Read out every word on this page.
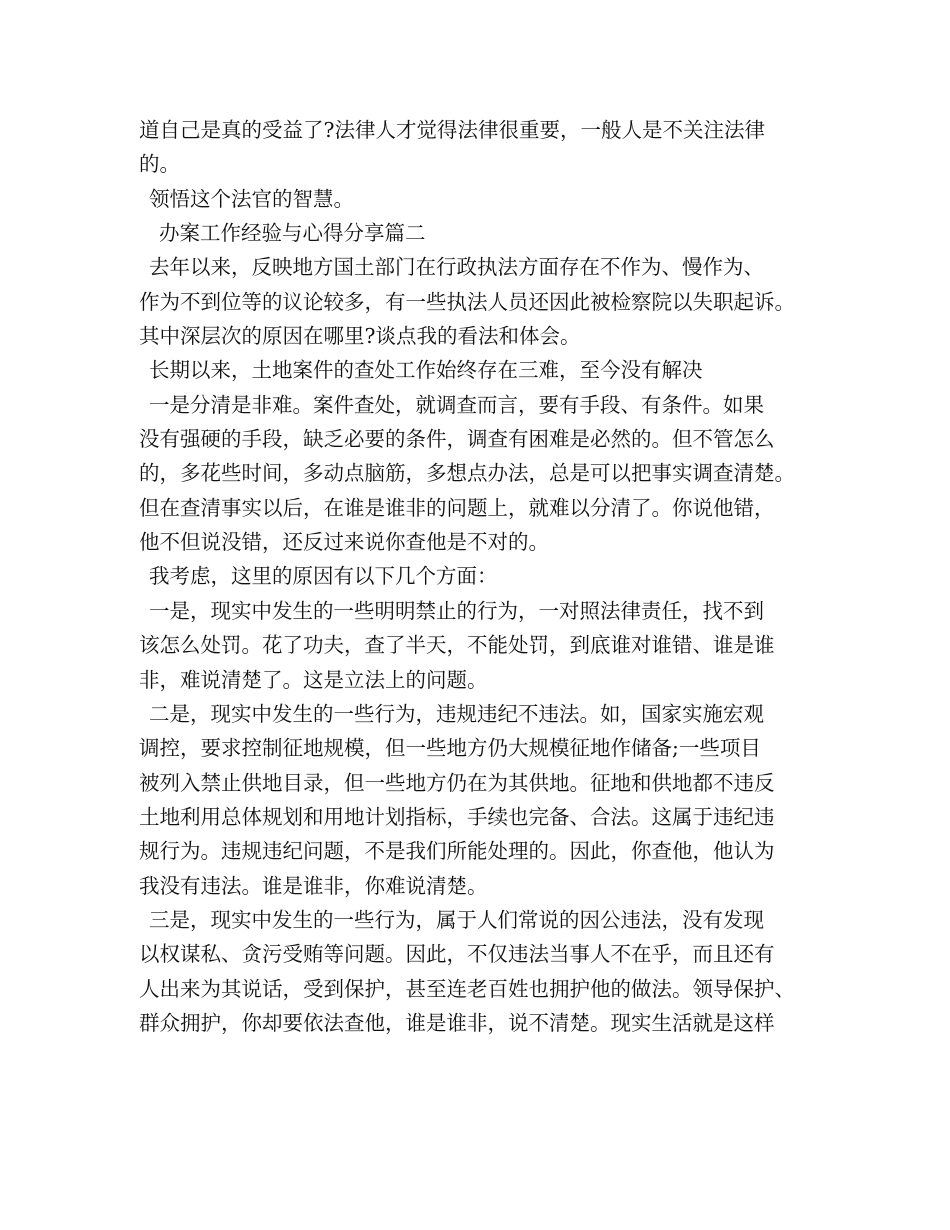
道自己是真的受益了?法律人才觉得法律很重要，一般人是不关注法律
的。
领悟这个法官的智慧。
办案工作经验与心得分享篇二
去年以来，反映地方国土部门在行政执法方面存在不作为、慢作为、
作为不到位等的议论较多，有一些执法人员还因此被检察院以失职起诉。
其中深层次的原因在哪里?谈点我的看法和体会。
长期以来，土地案件的查处工作始终存在三难，至今没有解决
一是分清是非难。案件查处，就调查而言，要有手段、有条件。如果
没有强硬的手段，缺乏必要的条件，调查有困难是必然的。但不管怎么
的，多花些时间，多动点脑筋，多想点办法，总是可以把事实调查清楚。
但在查清事实以后，在谁是谁非的问题上，就难以分清了。你说他错，
他不但说没错，还反过来说你查他是不对的。
我考虑，这里的原因有以下几个方面：
一是，现实中发生的一些明明禁止的行为，一对照法律责任，找不到
该怎么处罚。花了功夫，查了半天，不能处罚，到底谁对谁错、谁是谁
非，难说清楚了。这是立法上的问题。
二是，现实中发生的一些行为，违规违纪不违法。如，国家实施宏观
调控，要求控制征地规模，但一些地方仍大规模征地作储备;一些项目
被列入禁止供地目录，但一些地方仍在为其供地。征地和供地都不违反
土地利用总体规划和用地计划指标，手续也完备、合法。这属于违纪违
规行为。违规违纪问题，不是我们所能处理的。因此，你查他，他认为
我没有违法。谁是谁非，你难说清楚。
三是，现实中发生的一些行为，属于人们常说的因公违法，没有发现
以权谋私、贪污受贿等问题。因此，不仅违法当事人不在乎，而且还有
人出来为其说话，受到保护，甚至连老百姓也拥护他的做法。领导保护、
群众拥护，你却要依法查他，谁是谁非，说不清楚。现实生活就是这样
